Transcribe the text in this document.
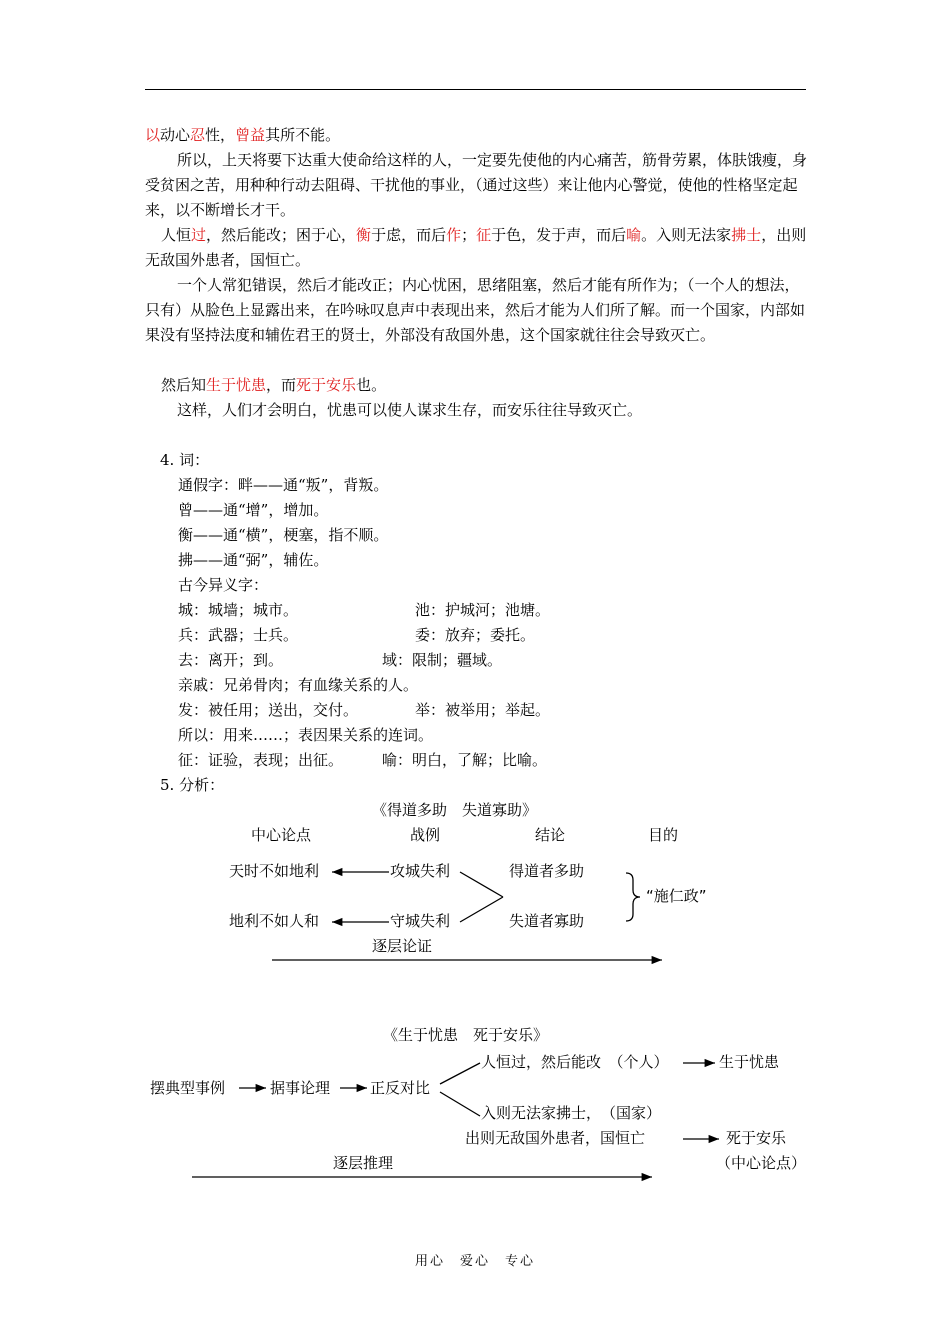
以动心忍性，曾益其所不能。
所以，上天将要下达重大使命给这样的人，一定要先使他的内心痛苦，筋骨劳累，体肤饿瘦，身受贫困之苦，用种种行动去阻碍、干扰他的事业，（通过这些）来让他内心警觉，使他的性格坚定起来，以不断增长才干。
人恒过，然后能改；困于心，衡于虑，而后作；征于色，发于声，而后喻。入则无法家拂士，出则无敌国外患者，国恒亡。
一个人常犯错误，然后才能改正；内心忧困，思绪阻塞，然后才能有所作为；（一个人的想法，只有）从脸色上显露出来，在吟咏叹息声中表现出来，然后才能为人们所了解。而一个国家，内部如果没有坚持法度和辅佐君王的贤士，外部没有敌国外患，这个国家就往往会导致灭亡。
然后知生于忧患，而死于安乐也。
这样，人们才会明白，忧患可以使人谋求生存，而安乐往往导致灭亡。
4. 词：
通假字：畔——通“叛”，背叛。
曾——通“增”，增加。
衡——通“横”，梗塞，指不顺。
拂——通“弼”，辅佐。
古今异义字：
城：城墙；城市。	池：护城河；池塘。
兵：武器；士兵。	委：放弃；委托。
去：离开；到。	域：限制；疆域。
亲戚：兄弟骨肉；有血缘关系的人。
发：被任用；送出，交付。	举：被举用；举起。
所以：用来……；表因果关系的连词。
征：证验，表现；出征。	喻：明白，了解；比喻。
5. 分析：
《得道多助　失道寡助》
中心论点	战例	结论	目的
天时不如地利	攻城失利	得道者多助
“施仁政”
地利不如人和	守城失利	失道者寡助
逐层论证
《生于忧患　死于安乐》
人恒过，然后能改　（个人）	生于忧患
摆典型事例	据事论理	正反对比
入则无法家拂士，　（国家）
出则无敌国外患者，国恒亡	死于安乐
（中心论点）
逐层推理
用心　爱心　专心
